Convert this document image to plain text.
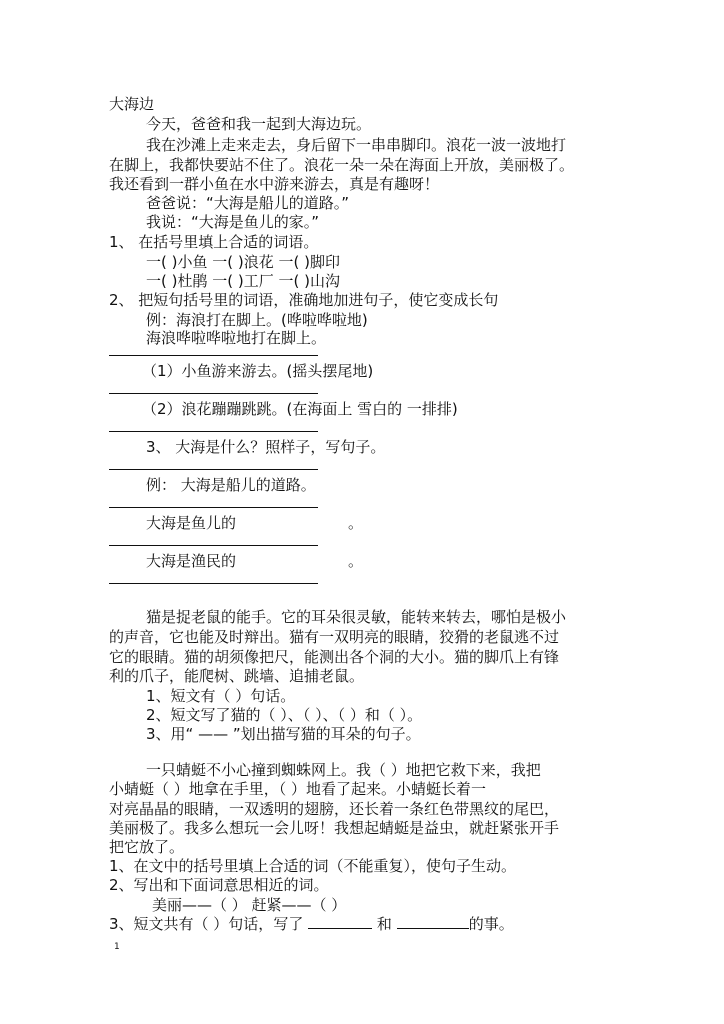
大海边
今天，爸爸和我一起到大海边玩。
我在沙滩上走来走去，身后留下一串串脚印。浪花一波一波地打
在脚上，我都快要站不住了。浪花一朵一朵在海面上开放，美丽极了。
我还看到一群小鱼在水中游来游去，真是有趣呀！
爸爸说：“大海是船儿的道路。”
我说：“大海是鱼儿的家。”
1、 在括号里填上合适的词语。
一( )小鱼 一( )浪花 一( )脚印
一( )杜鹃 一( )工厂 一( )山沟
2、 把短句括号里的词语，准确地加进句子，使它变成长句
例：海浪打在脚上。(哗啦哗啦地)
海浪哗啦哗啦地打在脚上。
（1）小鱼游来游去。(摇头摆尾地)
（2）浪花蹦蹦跳跳。(在海面上 雪白的 一排排)
3、 大海是什么？照样子，写句子。
例： 大海是船儿的道路。
大海是鱼儿的	。
大海是渔民的	。
猫是捉老鼠的能手。它的耳朵很灵敏，能转来转去，哪怕是极小
的声音，它也能及时辩出。猫有一双明亮的眼睛，狡猾的老鼠逃不过
它的眼睛。猫的胡须像把尺，能测出各个洞的大小。猫的脚爪上有锋
利的爪子，能爬树、跳墙、追捕老鼠。
1、短文有（ ）句话。
2、短文写了猫的（ ）、（ ）、（ ）和（ ）。
3、用“ —— ”划出描写猫的耳朵的句子。
一只蜻蜓不小心撞到蜘蛛网上。我（ ）地把它救下来，我把
小蜻蜓（ ）地拿在手里，（ ）地看了起来。小蜻蜓长着一
对亮晶晶的眼睛，一双透明的翅膀，还长着一条红色带黑纹的尾巴，
美丽极了。我多么想玩一会儿呀！我想起蜻蜓是益虫，就赶紧张开手
把它放了。
1、在文中的括号里填上合适的词（不能重复），使句子生动。
2、写出和下面词意思相近的词。
美丽——（ ） 赶紧——（ ）
3、短文共有（ ）句话，写了	和	的事。
1
